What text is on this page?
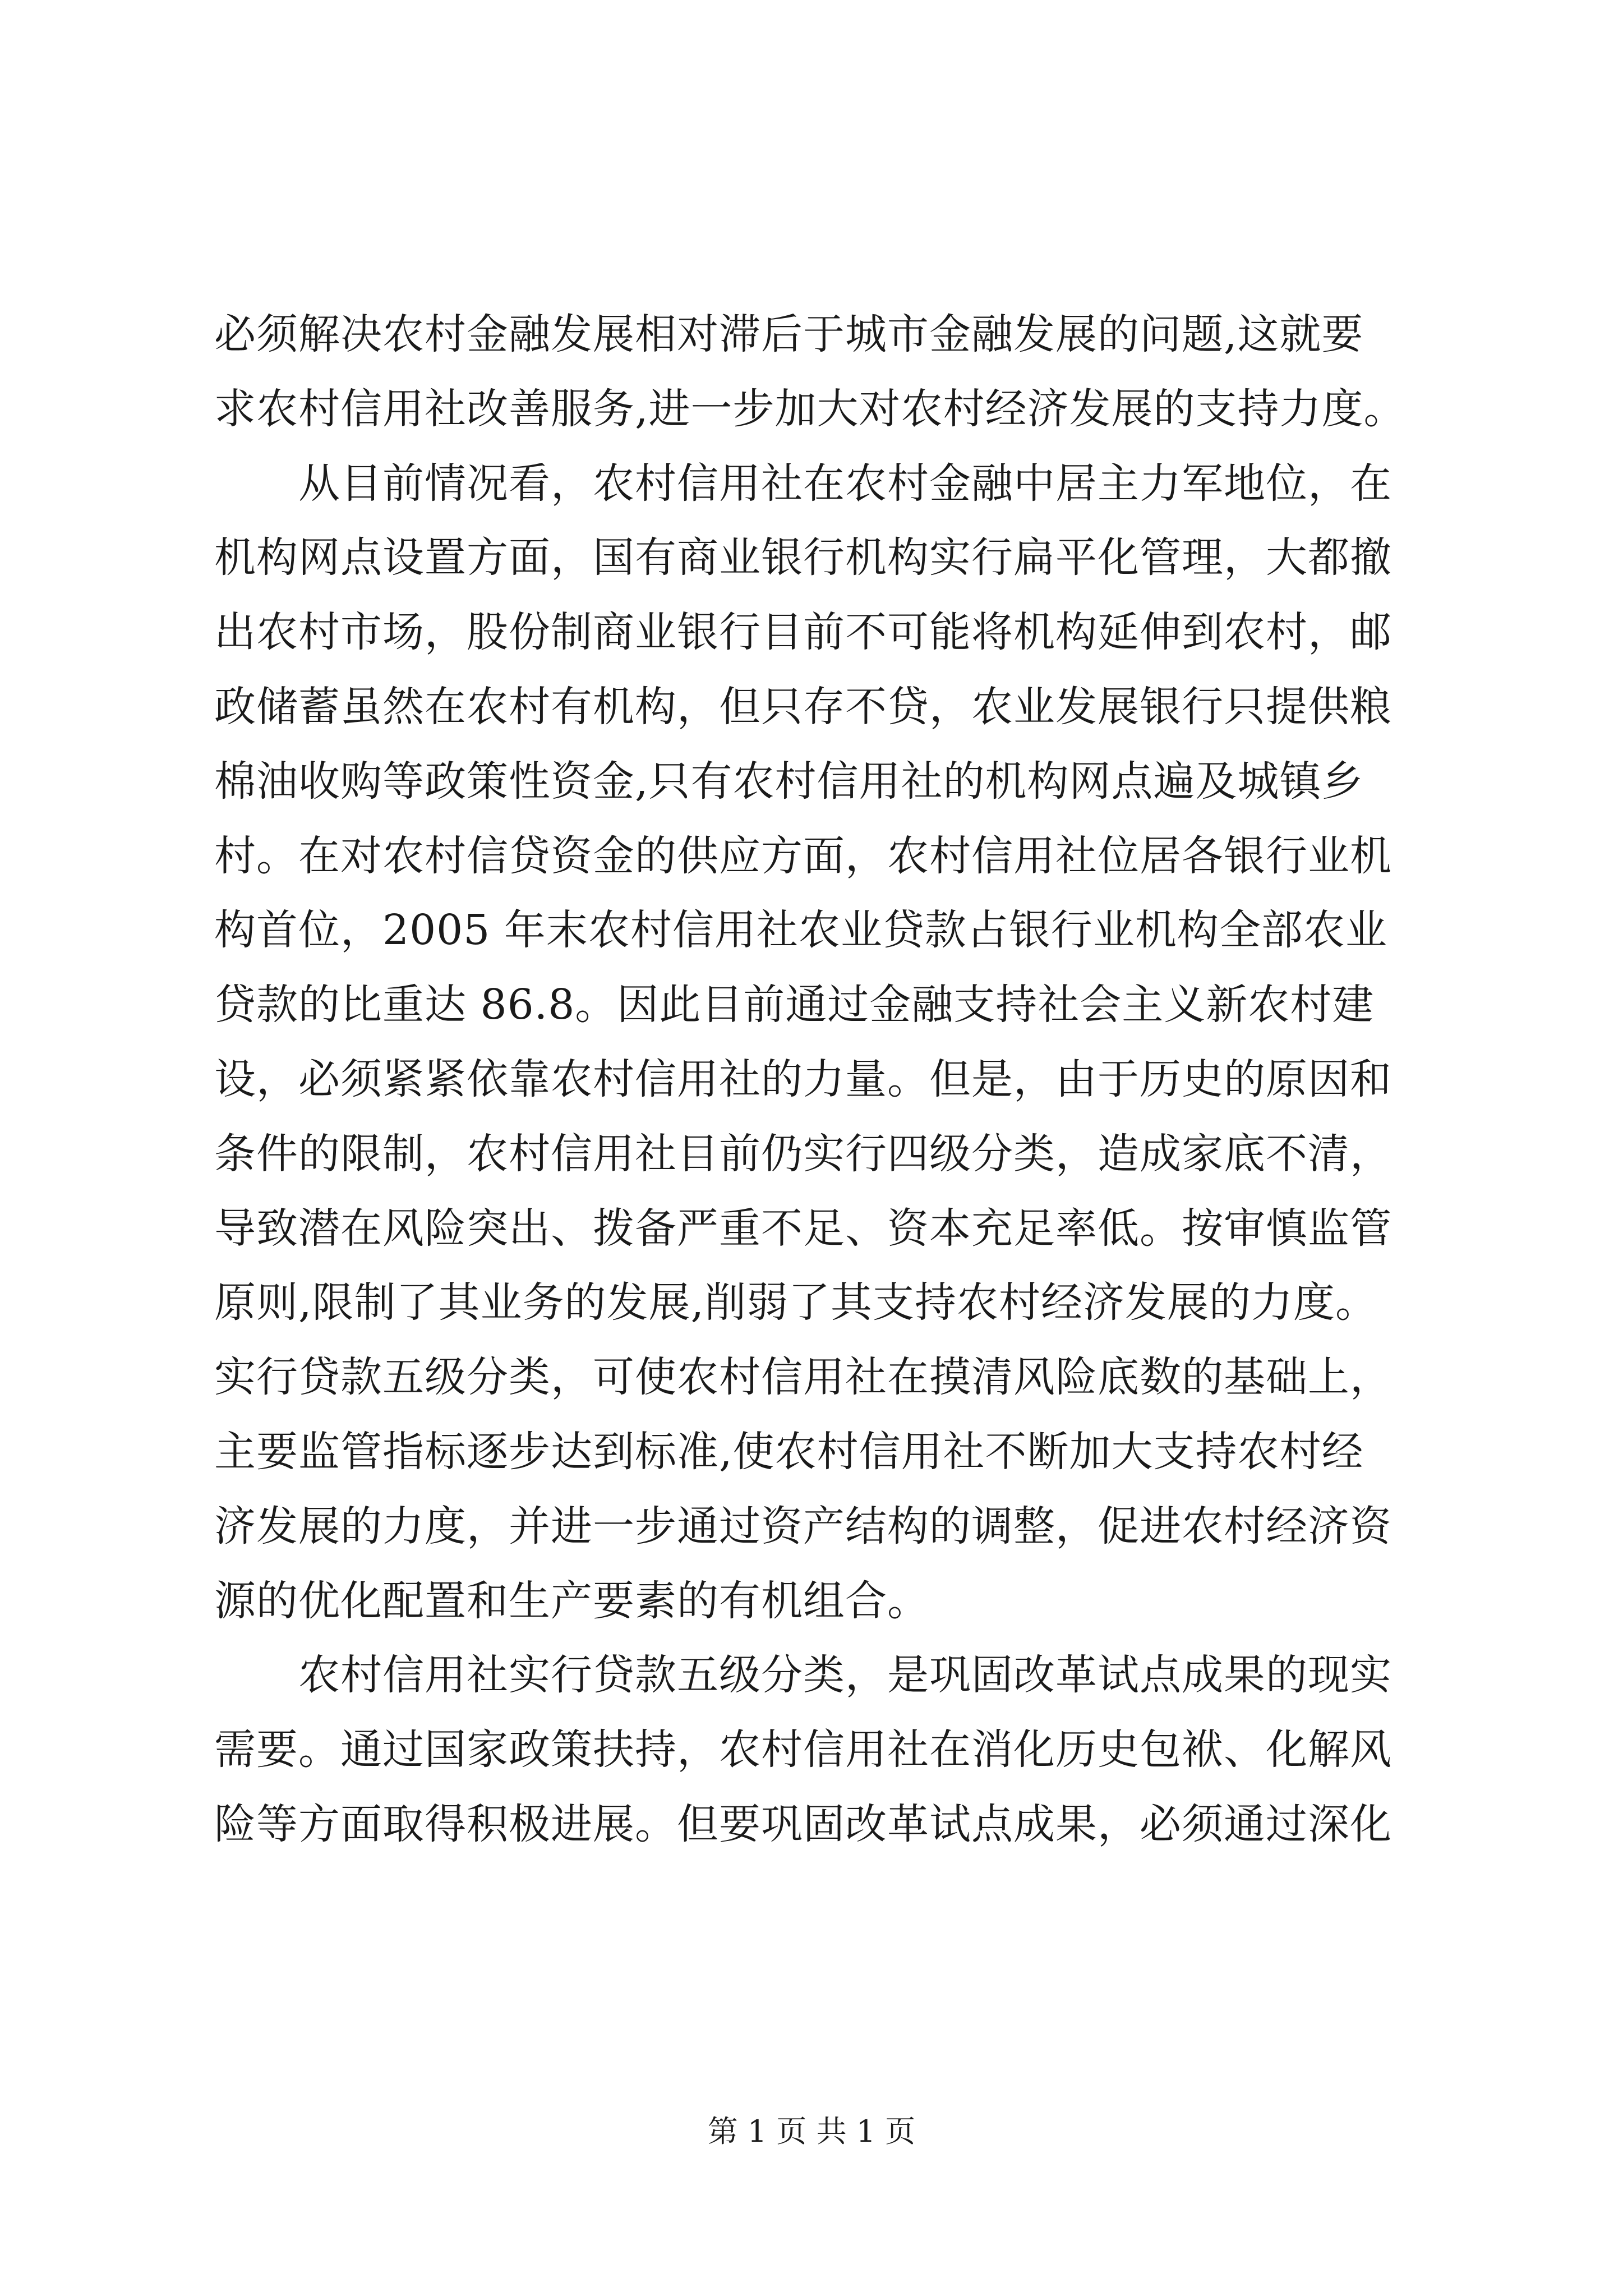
必须解决农村金融发展相对滞后于城市金融发展的问题,这就要
求农村信用社改善服务,进一步加大对农村经济发展的支持力度。
　　从目前情况看，农村信用社在农村金融中居主力军地位，在
机构网点设置方面，国有商业银行机构实行扁平化管理，大都撤
出农村市场，股份制商业银行目前不可能将机构延伸到农村，邮
政储蓄虽然在农村有机构，但只存不贷，农业发展银行只提供粮
棉油收购等政策性资金,只有农村信用社的机构网点遍及城镇乡
村。在对农村信贷资金的供应方面，农村信用社位居各银行业机
构首位，2005 年末农村信用社农业贷款占银行业机构全部农业
贷款的比重达 86.8。因此目前通过金融支持社会主义新农村建
设，必须紧紧依靠农村信用社的力量。但是，由于历史的原因和
条件的限制，农村信用社目前仍实行四级分类，造成家底不清，
导致潜在风险突出、拨备严重不足、资本充足率低。按审慎监管
原则,限制了其业务的发展,削弱了其支持农村经济发展的力度。
实行贷款五级分类，可使农村信用社在摸清风险底数的基础上，
主要监管指标逐步达到标准,使农村信用社不断加大支持农村经
济发展的力度，并进一步通过资产结构的调整，促进农村经济资
源的优化配置和生产要素的有机组合。
　　农村信用社实行贷款五级分类，是巩固改革试点成果的现实
需要。通过国家政策扶持，农村信用社在消化历史包袱、化解风
险等方面取得积极进展。但要巩固改革试点成果，必须通过深化
第 1 页 共 1 页
